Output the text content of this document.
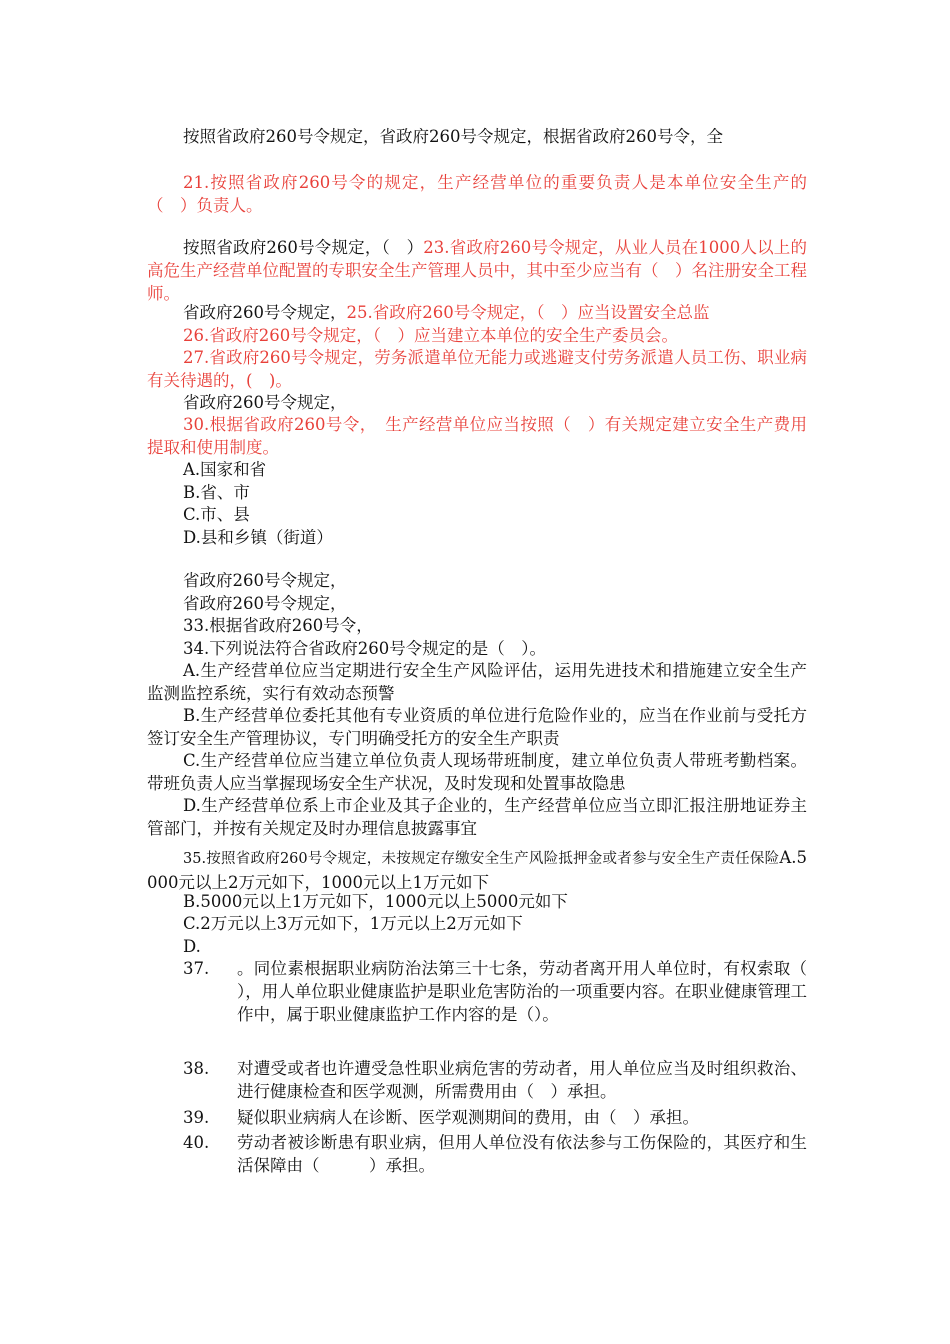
按照省政府260号令规定，省政府260号令规定，根据省政府260号令，全
21.按照省政府260号令的规定，生产经营单位的重要负责人是本单位安全生产的（　）负责人。
按照省政府260号令规定，（　）23.省政府260号令规定，从业人员在1000人以上的高危生产经营单位配置的专职安全生产管理人员中，其中至少应当有（　）名注册安全工程师。
省政府260号令规定，25.省政府260号令规定，（　）应当设置安全总监
26.省政府260号令规定，（　）应当建立本单位的安全生产委员会。
27.省政府260号令规定，劳务派遣单位无能力或逃避支付劳务派遣人员工伤、职业病有关待遇的，(　)。
省政府260号令规定，
30.根据省政府260号令，　生产经营单位应当按照（　）有关规定建立安全生产费用提取和使用制度。
A.国家和省
B.省、市
C.市、县
D.县和乡镇（街道）
省政府260号令规定，
省政府260号令规定，
33.根据省政府260号令，
34.下列说法符合省政府260号令规定的是（　）。
A.生产经营单位应当定期进行安全生产风险评估，运用先进技术和措施建立安全生产监测监控系统，实行有效动态预警
B.生产经营单位委托其他有专业资质的单位进行危险作业的，应当在作业前与受托方签订安全生产管理协议，专门明确受托方的安全生产职责
C.生产经营单位应当建立单位负责人现场带班制度，建立单位负责人带班考勤档案。带班负责人应当掌握现场安全生产状况，及时发现和处置事故隐患
D.生产经营单位系上市企业及其子企业的，生产经营单位应当立即汇报注册地证券主管部门，并按有关规定及时办理信息披露事宜
35.按照省政府260号令规定，未按规定存缴安全生产风险抵押金或者参与安全生产责任保险A.5000元以上2万元如下，1000元以上1万元如下
B.5000元以上1万元如下，1000元以上5000元如下
C.2万元以上3万元如下，1万元以上2万元如下
D.
37. 。同位素根据职业病防治法第三十七条，劳动者离开用人单位时，有权索取（　　），用人单位职业健康监护是职业危害防治的一项重要内容。在职业健康管理工作中，属于职业健康监护工作内容的是（）。
38. 对遭受或者也许遭受急性职业病危害的劳动者，用人单位应当及时组织救治、进行健康检查和医学观测，所需费用由（　）承担。
39. 疑似职业病病人在诊断、医学观测期间的费用，由（　）承担。
40. 劳动者被诊断患有职业病，但用人单位没有依法参与工伤保险的，其医疗和生活保障由（　　　）承担。
